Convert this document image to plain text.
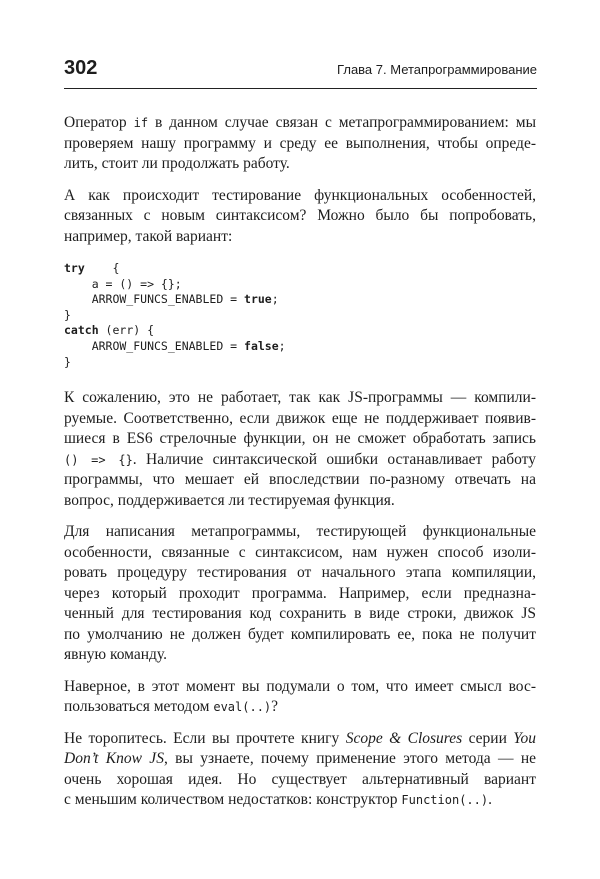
302	Глава 7. Метапрограммирование

Оператор if в данном случае связан с метапрограммированием: мы
проверяем нашу программу и среду ее выполнения, чтобы опреде-
лить, стоит ли продолжать работу.

А как происходит тестирование функциональных особенностей,
связанных с новым синтаксисом? Можно было бы попробовать,
например, такой вариант:

try    {
a = () => {};
ARROW_FUNCS_ENABLED = true;
}
catch (err) {
ARROW_FUNCS_ENABLED = false;
}

К сожалению, это не работает, так как JS-программы — компили-
руемые. Соответственно, если движок еще не поддерживает появив-
шиеся в ES6 стрелочные функции, он не сможет обработать запись
() => {}. Наличие синтаксической ошибки останавливает работу
программы, что мешает ей впоследствии по-разному отвечать на
вопрос, поддерживается ли тестируемая функция.

Для написания метапрограммы, тестирующей функциональные
особенности, связанные с синтаксисом, нам нужен способ изоли-
ровать процедуру тестирования от начального этапа компиляции,
через который проходит программа. Например, если предназна-
ченный для тестирования код сохранить в виде строки, движок JS
по умолчанию не должен будет компилировать ее, пока не получит
явную команду.

Наверное, в этот момент вы подумали о том, что имеет смысл вос-
пользоваться методом eval(..)?

Не торопитесь. Если вы прочтете книгу Scope & Closures серии You
Don’t Know JS, вы узнаете, почему применение этого метода — не
очень хорошая идея. Но существует альтернативный вариант
с меньшим количеством недостатков: конструктор Function(..).
